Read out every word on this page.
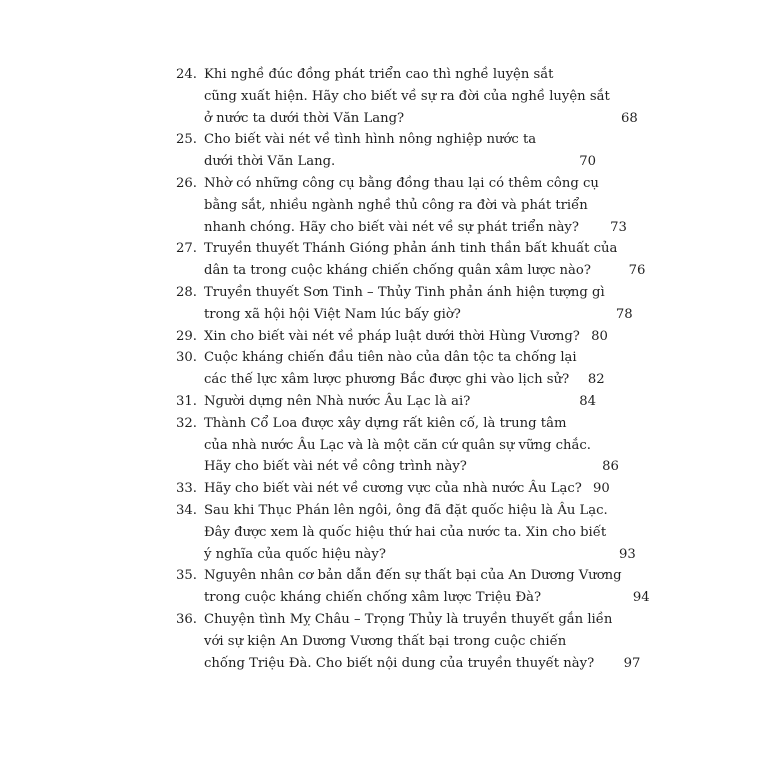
24. Khi nghề đúc đồng phát triển cao thì nghề luyện sắt
cũng xuất hiện. Hãy cho biết về sự ra đời của nghề luyện sắt
ở nước ta dưới thời Văn Lang?	68
25. Cho biết vài nét về tình hình nông nghiệp nước ta
dưới thời Văn Lang.	70
26. Nhờ có những công cụ bằng đồng thau lại có thêm công cụ
bằng sắt, nhiều ngành nghề thủ công ra đời và phát triển
nhanh chóng. Hãy cho biết vài nét về sự phát triển này? 73
27. Truyền thuyết Thánh Gióng phản ánh tinh thần bất khuất của
dân ta trong cuộc kháng chiến chống quân xâm lược nào?	76
28. Truyền thuyết Sơn Tinh – Thủy Tinh phản ánh hiện tượng gì
trong xã hội hội Việt Nam lúc bấy giờ?	78
29. Xin cho biết vài nét về pháp luật dưới thời Hùng Vương? 80
30. Cuộc kháng chiến đầu tiên nào của dân tộc ta chống lại
các thế lực xâm lược phương Bắc được ghi vào lịch sử? 82
31. Người dựng nên Nhà nước Âu Lạc là ai?	84
32. Thành Cổ Loa được xây dựng rất kiên cố, là trung tâm
của nhà nước Âu Lạc và là một căn cứ quân sự vững chắc.
Hãy cho biết vài nét về công trình này?	86
33. Hãy cho biết vài nét về cương vực của nhà nước Âu Lạc? 90
34. Sau khi Thục Phán lên ngôi, ông đã đặt quốc hiệu là Âu Lạc.
Đây được xem là quốc hiệu thứ hai của nước ta. Xin cho biết
ý nghĩa của quốc hiệu này?	93
35. Nguyên nhân cơ bản dẫn đến sự thất bại của An Dương Vương
trong cuộc kháng chiến chống xâm lược Triệu Đà?	94
36. Chuyện tình Mỵ Châu – Trọng Thủy là truyền thuyết gắn liền
với sự kiện An Dương Vương thất bại trong cuộc chiến
chống Triệu Đà. Cho biết nội dung của truyền thuyết này? 97
